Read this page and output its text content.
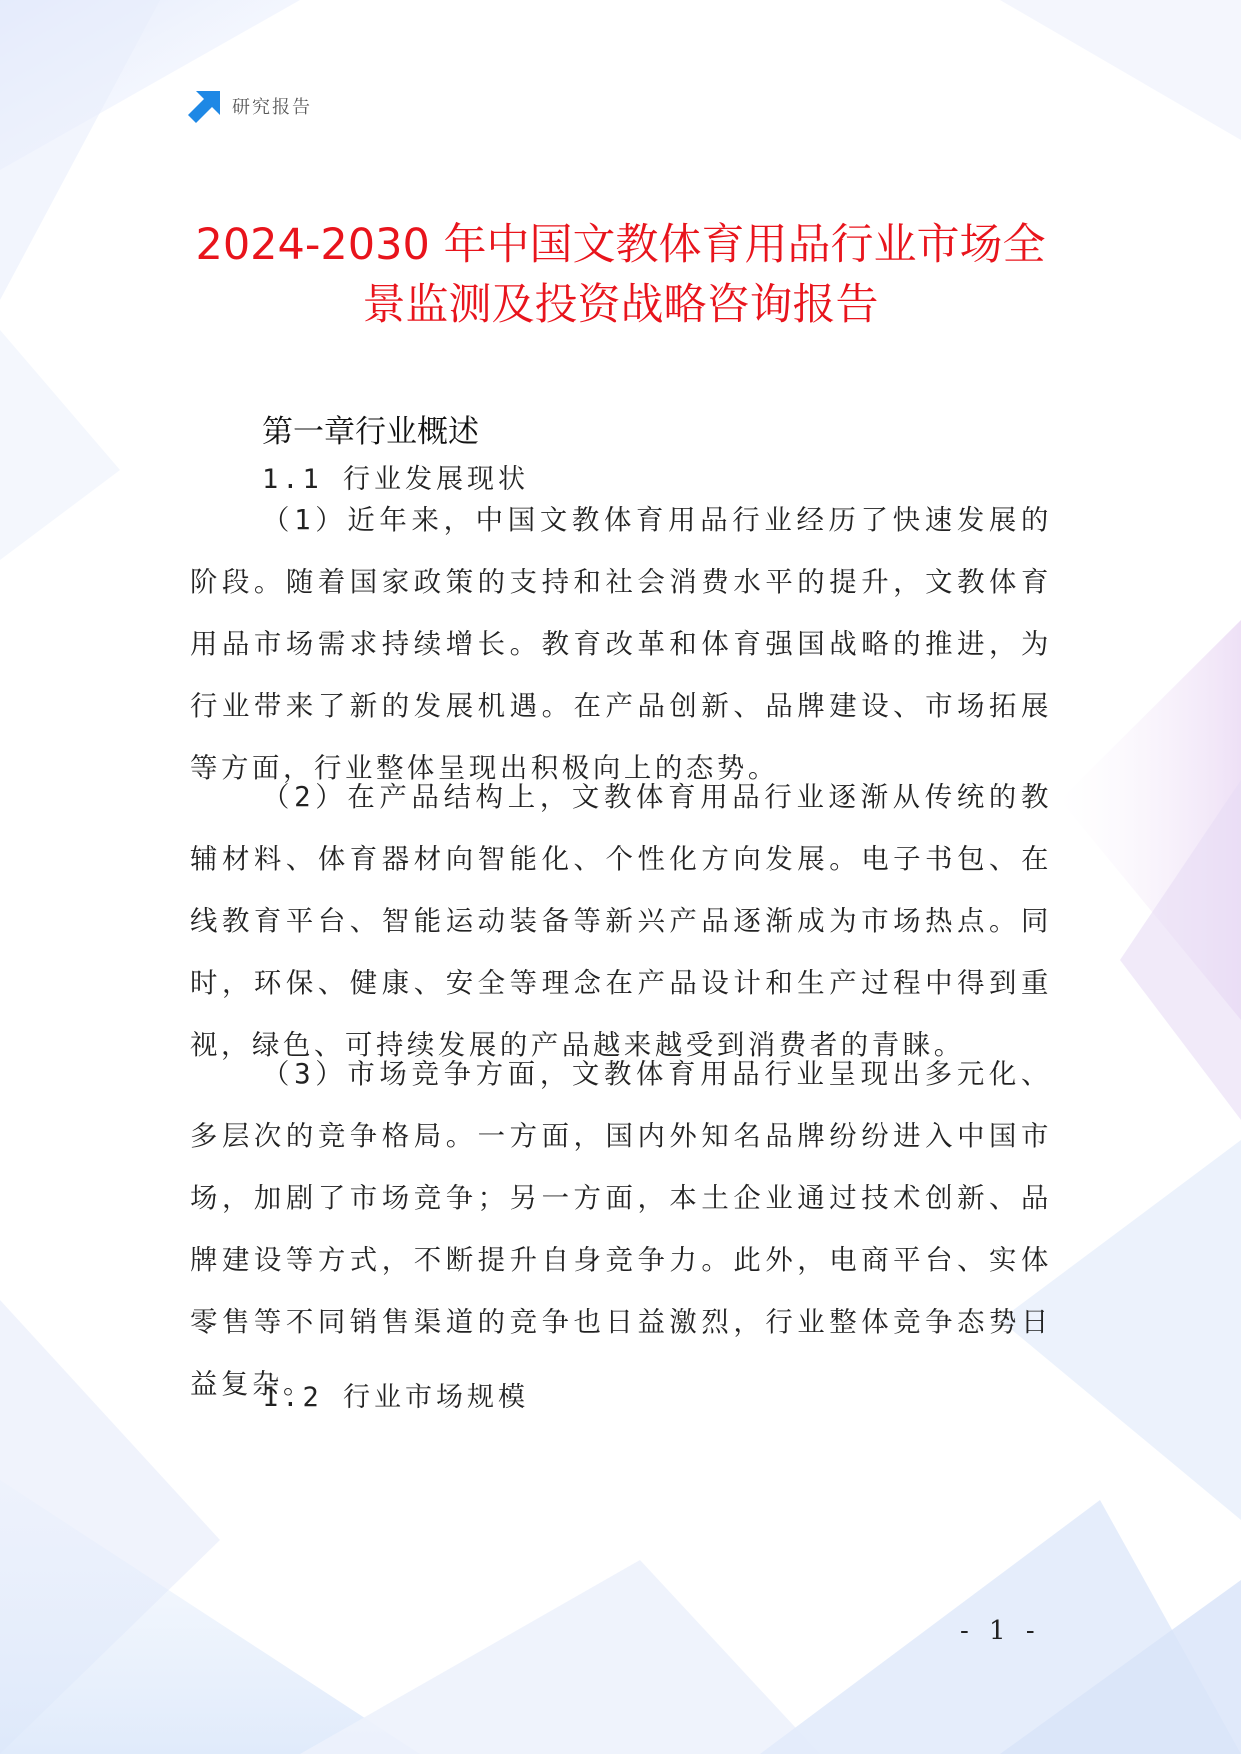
研究报告
2024-2030 年中国文教体育用品行业市场全
景监测及投资战略咨询报告
第一章行业概述
1.1 行业发展现状
（1）近年来，中国文教体育用品行业经历了快速发展的阶段。随着国家政策的支持和社会消费水平的提升，文教体育用品市场需求持续增长。教育改革和体育强国战略的推进，为行业带来了新的发展机遇。在产品创新、品牌建设、市场拓展等方面，行业整体呈现出积极向上的态势。
（2）在产品结构上，文教体育用品行业逐渐从传统的教辅材料、体育器材向智能化、个性化方向发展。电子书包、在线教育平台、智能运动装备等新兴产品逐渐成为市场热点。同时，环保、健康、安全等理念在产品设计和生产过程中得到重视，绿色、可持续发展的产品越来越受到消费者的青睐。
（3）市场竞争方面，文教体育用品行业呈现出多元化、多层次的竞争格局。一方面，国内外知名品牌纷纷进入中国市场，加剧了市场竞争；另一方面，本土企业通过技术创新、品牌建设等方式，不断提升自身竞争力。此外，电商平台、实体零售等不同销售渠道的竞争也日益激烈，行业整体竞争态势日益复杂。
1.2 行业市场规模
- 1 -
